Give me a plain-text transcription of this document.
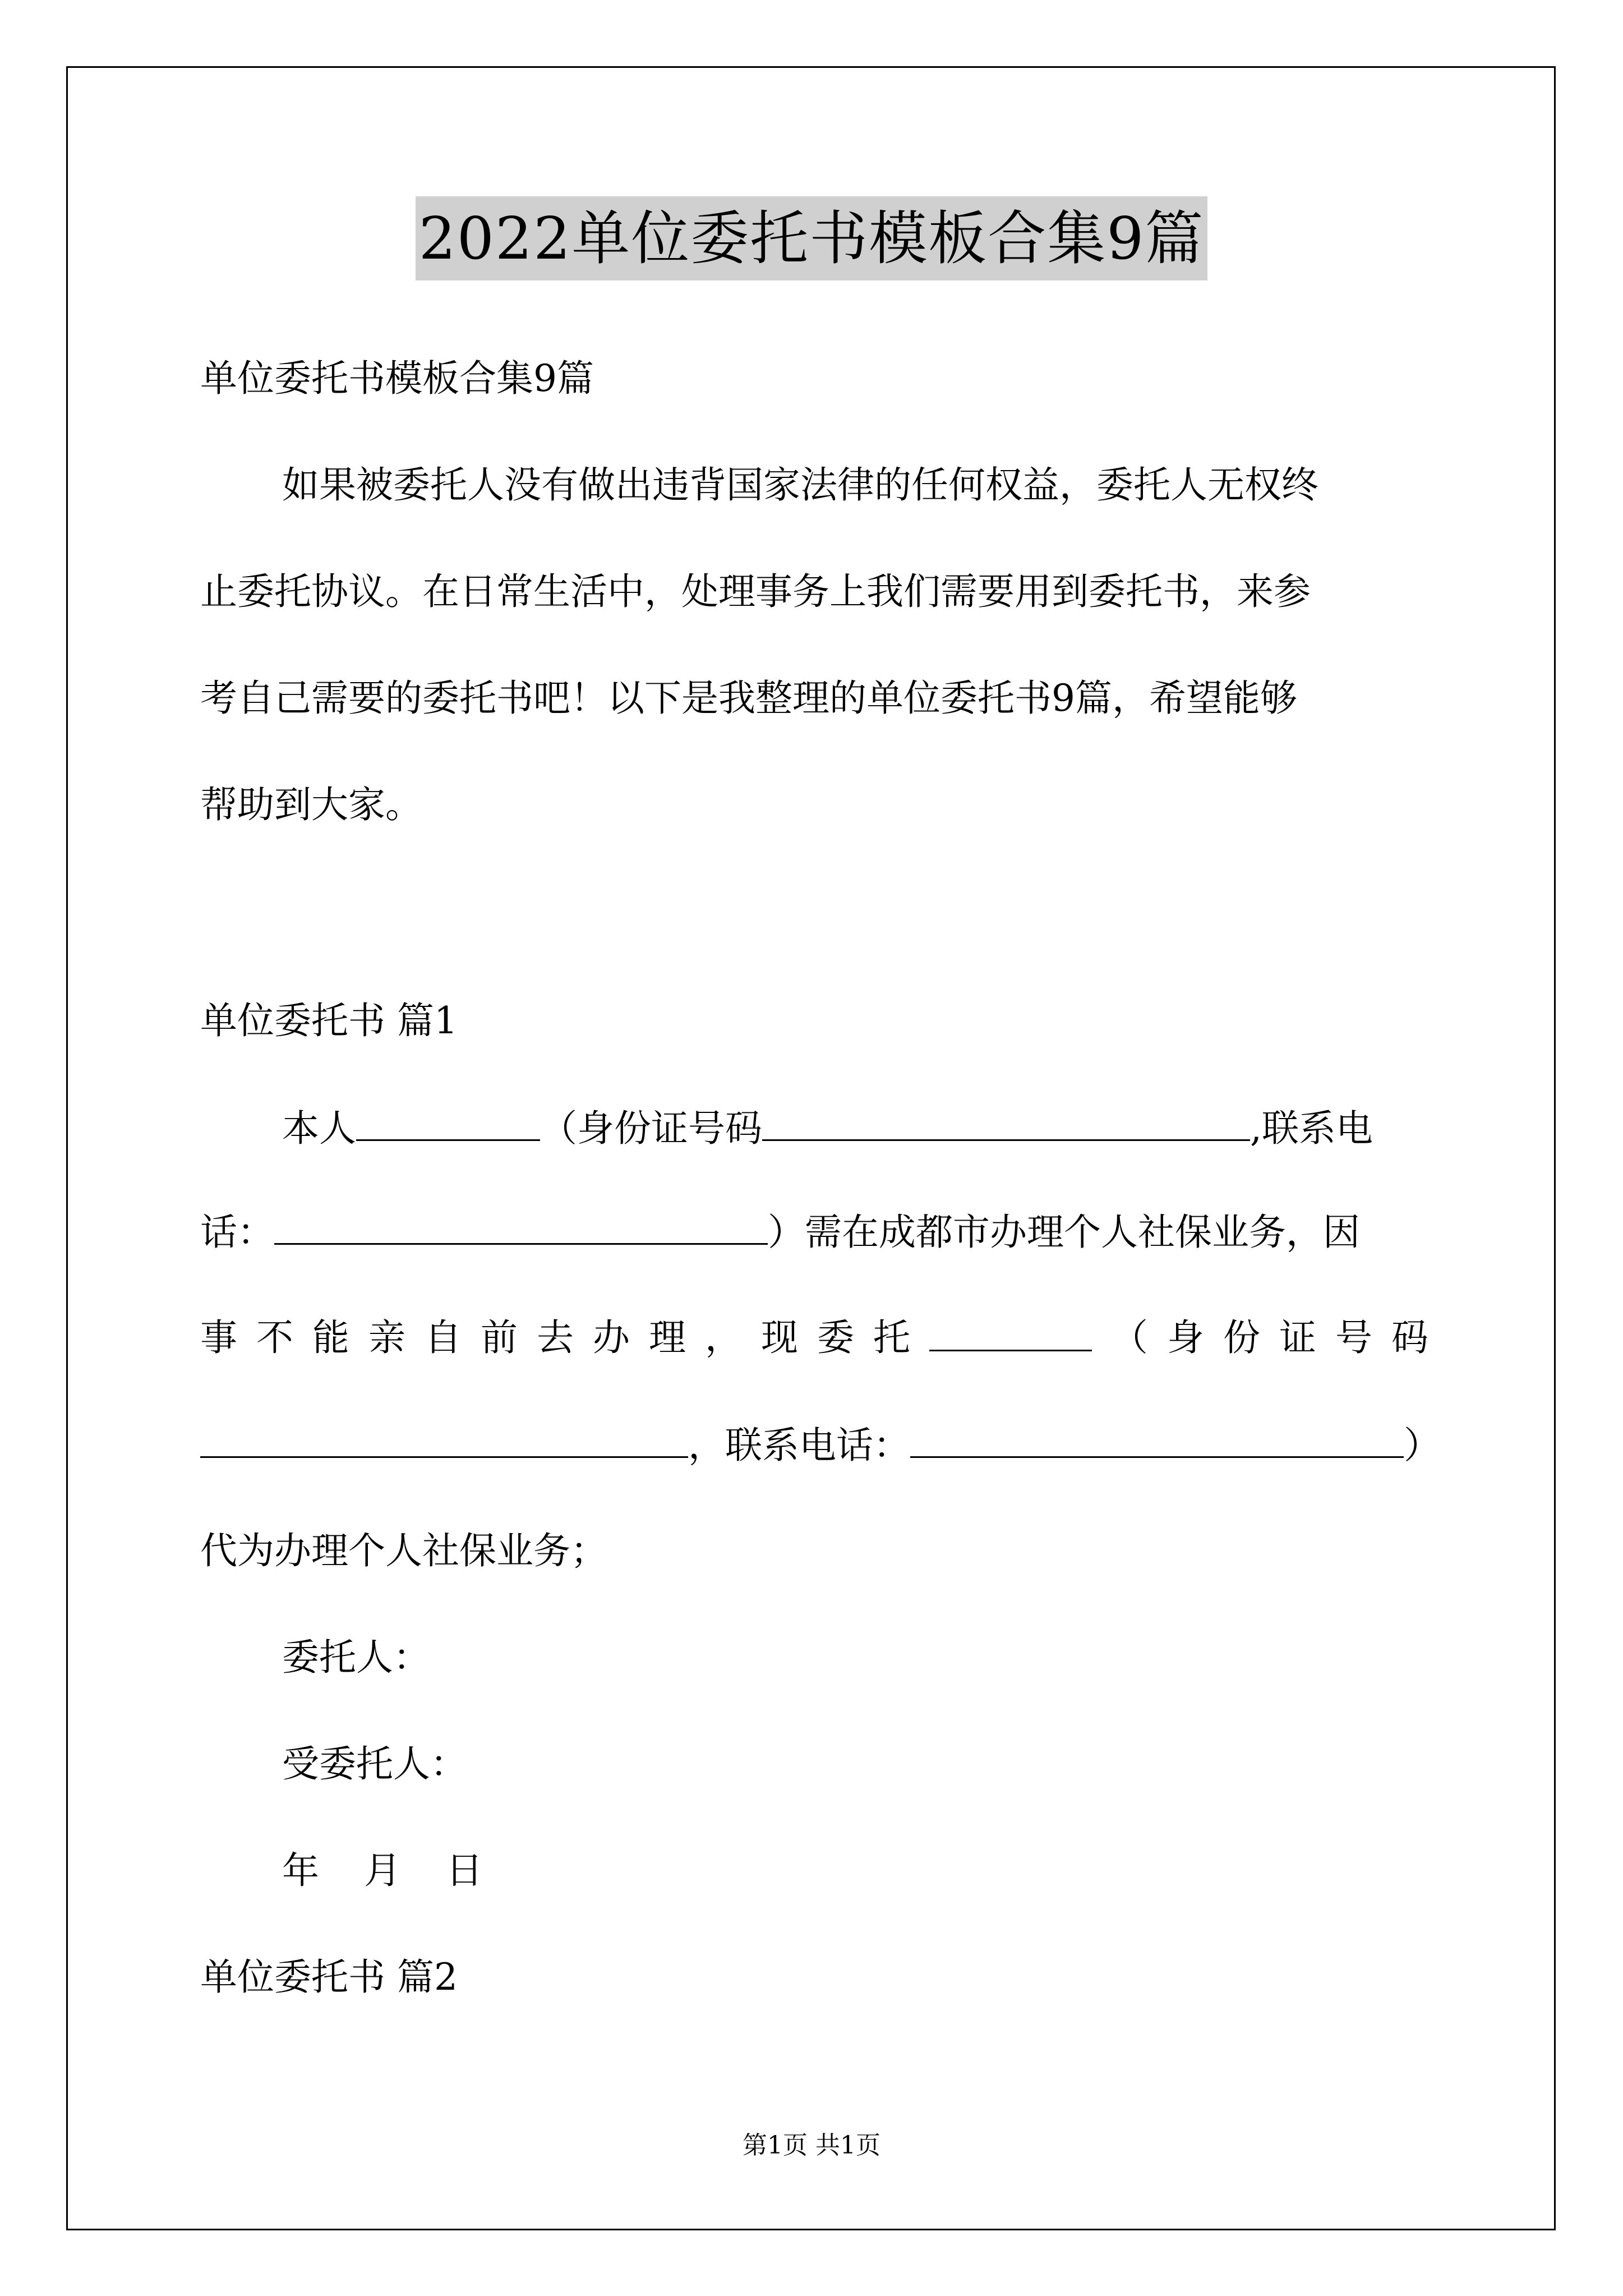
2022单位委托书模板合集9篇
单位委托书模板合集9篇
如果被委托人没有做出违背国家法律的任何权益，委托人无权终
止委托协议。在日常生活中，处理事务上我们需要用到委托书，来参
考自己需要的委托书吧！以下是我整理的单位委托书9篇，希望能够
帮助到大家。
单位委托书 篇1
本人	（身份证号码	,联系电
话：	）需在成都市办理个人社保业务，因
事 不 能 亲 自 前 去 办 理 ， 现 委 托	（ 身 份 证 号 码
，联系电话：	）
代为办理个人社保业务；
委托人：
受委托人：
年 月 日
单位委托书 篇2
第1页 共1页
